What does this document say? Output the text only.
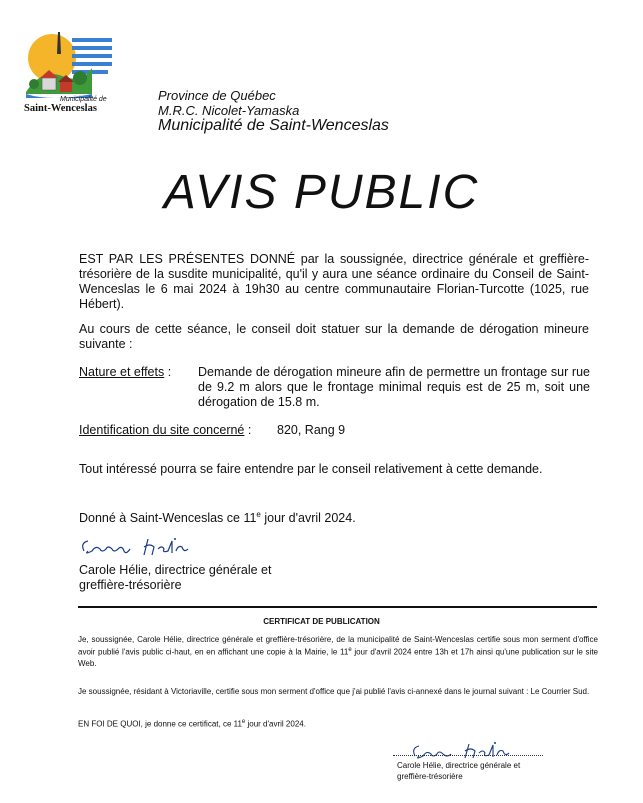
Municipalité de
Saint-Wenceslas
Province de Québec
M.R.C. Nicolet-Yamaska
Municipalité de Saint-Wenceslas
AVIS PUBLIC
EST PAR LES PRÉSENTES DONNÉ par la soussignée, directrice générale et greffière-trésorière de la susdite municipalité, qu'il y aura une séance ordinaire du Conseil de Saint-Wenceslas le 6 mai 2024 à 19h30 au centre communautaire Florian-Turcotte (1025, rue Hébert).
Au cours de cette séance, le conseil doit statuer sur la demande de dérogation mineure suivante :
Nature et effets : Demande de dérogation mineure afin de permettre un frontage sur rue de 9.2 m alors que le frontage minimal requis est de 25 m, soit une dérogation de 15.8 m.
Identification du site concerné : 820, Rang 9
Tout intéressé pourra se faire entendre par le conseil relativement à cette demande.
Donné à Saint-Wenceslas ce 11e jour d'avril 2024.
Carole Hélie, directrice générale et
greffière-trésorière
CERTIFICAT DE PUBLICATION
Je, soussignée, Carole Hélie, directrice générale et greffière-trésorière, de la municipalité de Saint-Wenceslas certifie sous mon serment d'office avoir publié l'avis public ci-haut, en en affichant une copie à la Mairie, le 11e jour d'avril 2024 entre 13h et 17h ainsi qu'une publication sur le site Web.
Je soussignée, résidant à Victoriaville, certifie sous mon serment d'office que j'ai publié l'avis ci-annexé dans le journal suivant : Le Courrier Sud.
EN FOI DE QUOI, je donne ce certificat, ce 11e jour d'avril 2024.
Carole Hélie, directrice générale et
greffière-trésorière
